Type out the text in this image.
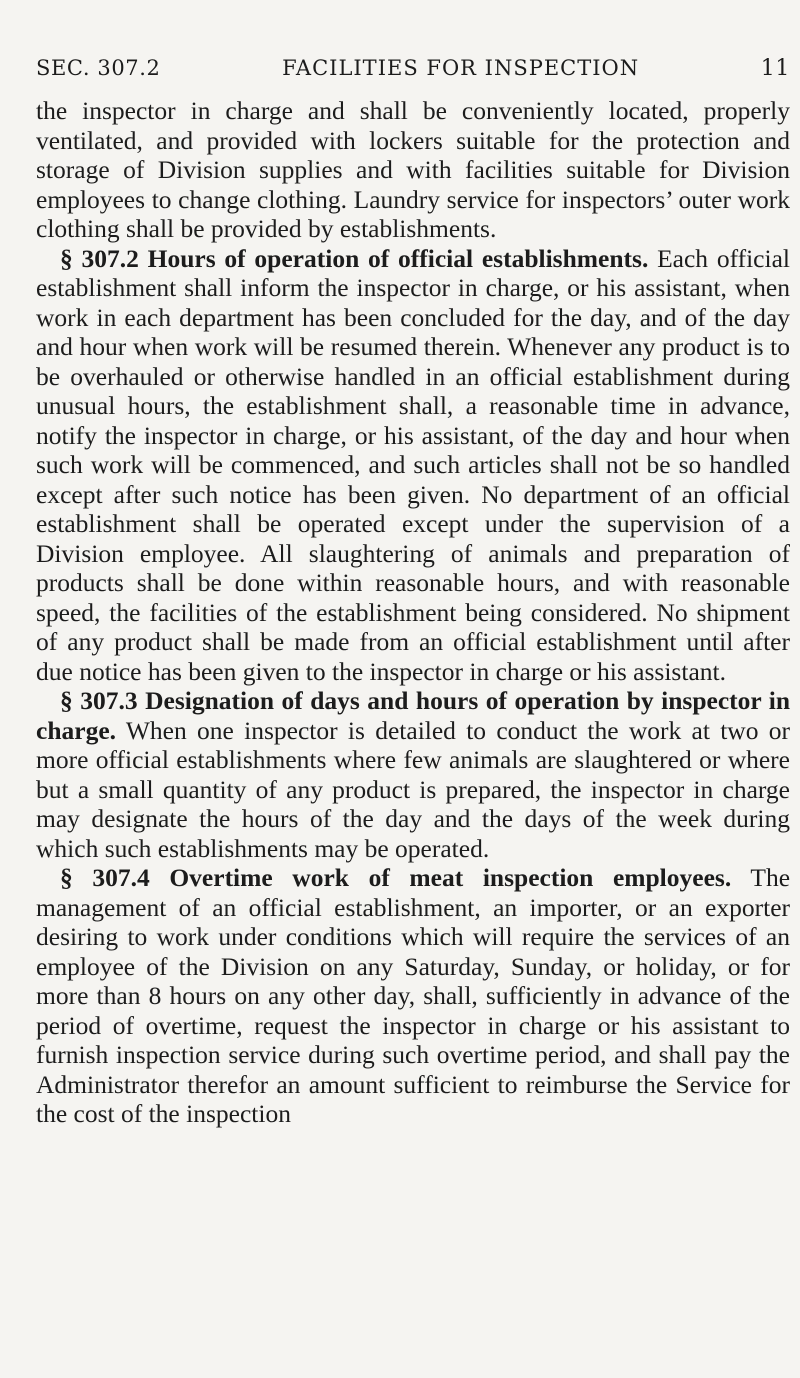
SEC. 307.2	FACILITIES FOR INSPECTION	11

the inspector in charge and shall be conveniently located, properly ventilated, and provided with lockers suitable for the protection and storage of Division supplies and with facilities suitable for Division employees to change clothing. Laundry service for inspectors’ outer work clothing shall be provided by establishments.

§ 307.2 Hours of operation of official establishments. Each official establishment shall inform the inspector in charge, or his assistant, when work in each department has been concluded for the day, and of the day and hour when work will be resumed therein. Whenever any product is to be overhauled or otherwise handled in an official establishment during unusual hours, the establishment shall, a reasonable time in advance, notify the inspector in charge, or his assistant, of the day and hour when such work will be commenced, and such articles shall not be so handled except after such notice has been given. No department of an official establishment shall be operated except under the supervision of a Division employee. All slaughtering of animals and preparation of products shall be done within reasonable hours, and with reasonable speed, the facilities of the establishment being considered. No shipment of any product shall be made from an official establishment until after due notice has been given to the inspector in charge or his assistant.

§ 307.3 Designation of days and hours of operation by inspector in charge. When one inspector is detailed to conduct the work at two or more official establishments where few animals are slaughtered or where but a small quantity of any product is prepared, the inspector in charge may designate the hours of the day and the days of the week during which such establishments may be operated.

§ 307.4 Overtime work of meat inspection employees. The management of an official establishment, an importer, or an exporter desiring to work under conditions which will require the services of an employee of the Division on any Saturday, Sunday, or holiday, or for more than 8 hours on any other day, shall, sufficiently in advance of the period of overtime, request the inspector in charge or his assistant to furnish inspection service during such overtime period, and shall pay the Administrator therefor an amount sufficient to reimburse the Service for the cost of the inspection
